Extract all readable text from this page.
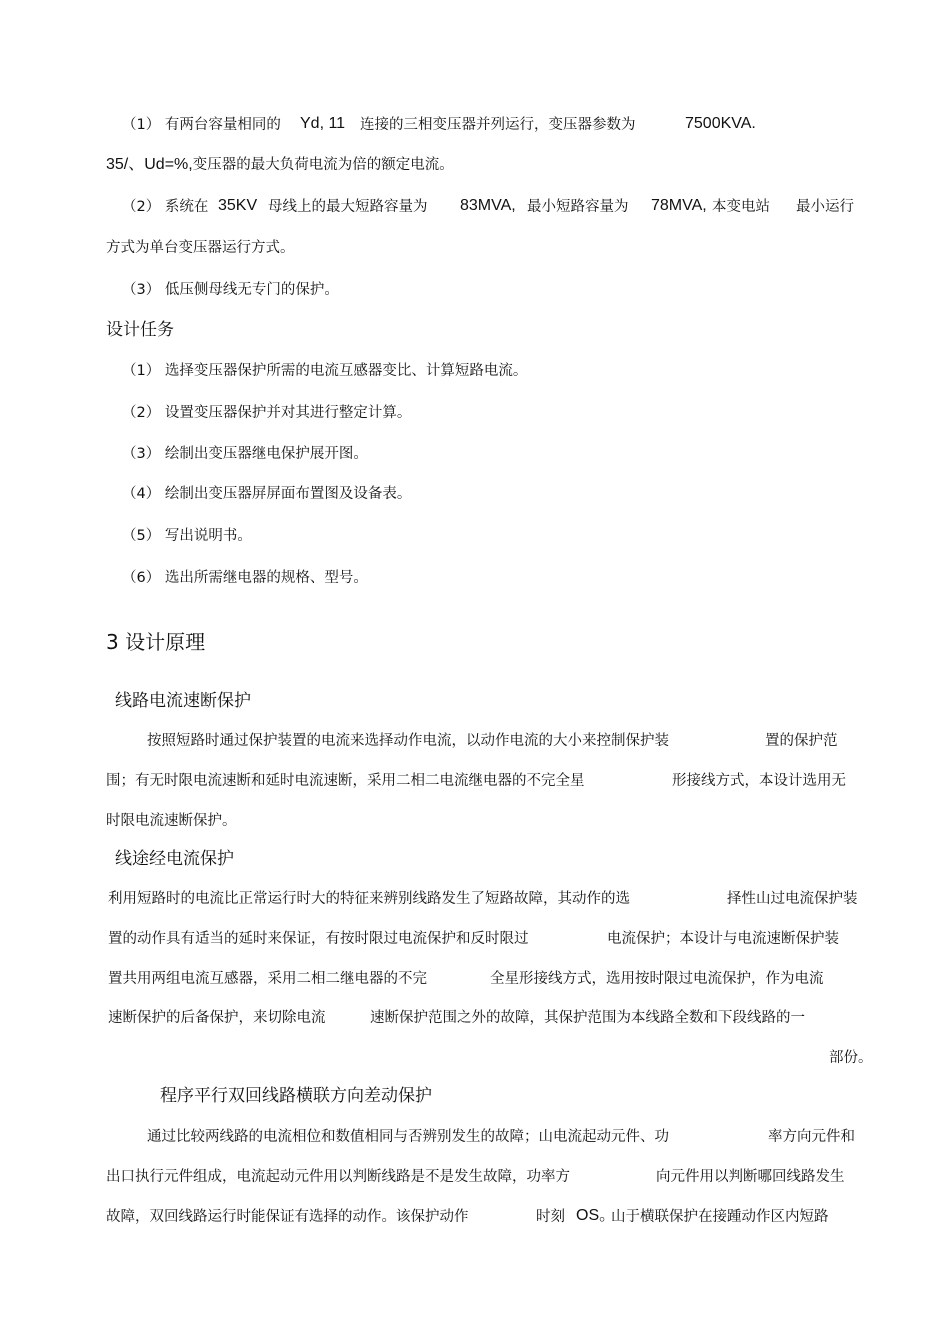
（1） 有两台容量相同的 Yd, 11 连接的三相变压器并列运行，变压器参数为	7500KVA.
35/、Ud=%,变压器的最大负荷电流为倍的额定电流。
（2） 系统在 35KV 母线上的最大短路容量为 83MVA, 最小短路容量为 78MVA, 本变电站 最小运行
方式为单台变压器运行方式。
（3） 低压侧母线无专门的保护。
设计任务
（1） 选择变压器保护所需的电流互感器变比、计算短路电流。
（2） 设置变压器保护并对其进行整定计算。
（3） 绘制出变压器继电保护展开图。
（4） 绘制出变压器屏屏面布置图及设备表。
（5） 写出说明书。
（6） 选出所需继电器的规格、型号。
3 设计原理
线路电流速断保护
按照短路时通过保护装置的电流来选择动作电流，以动作电流的大小来控制保护装	置的保护范
围；有无时限电流速断和延时电流速断，采用二相二电流继电器的不完全星	形接线方式，本设计选用无
时限电流速断保护。
线途经电流保护
利用短路时的电流比正常运行时大的特征来辨别线路发生了短路故障，其动作的选	择性山过电流保护装
置的动作具有适当的延时来保证，有按时限过电流保护和反时限过	电流保护；本设计与电流速断保护装
置共用两组电流互感器，采用二相二继电器的不完	全星形接线方式，选用按时限过电流保护，作为电流
速断保护的后备保护，来切除电流	速断保护范围之外的故障，其保护范围为本线路全数和下段线路的一
部份。
程序平行双回线路横联方向差动保护
通过比较两线路的电流相位和数值相同与否辨别发生的故障；山电流起动元件、功	率方向元件和
出口执行元件组成，电流起动元件用以判断线路是不是发生故障，功率方	向元件用以判断哪回线路发生
故障，双回线路运行时能保证有选择的动作。该保护动作	时刻 OS。
山于横联保护在接踵动作区内短路
